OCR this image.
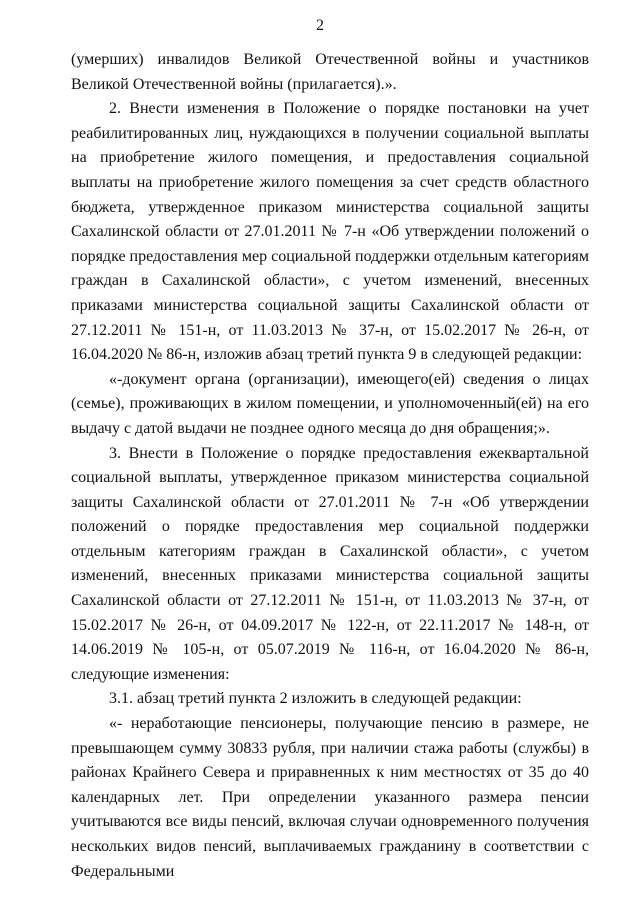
2

(умерших) инвалидов Великой Отечественной войны и участников Великой Отечественной войны (прилагается).».

2. Внести изменения в Положение о порядке постановки на учет реабилитированных лиц, нуждающихся в получении социальной выплаты на приобретение жилого помещения, и предоставления социальной выплаты на приобретение жилого помещения за счет средств областного бюджета, утвержденное приказом министерства социальной защиты Сахалинской области от 27.01.2011 № 7-н «Об утверждении положений о порядке предоставления мер социальной поддержки отдельным категориям граждан в Сахалинской области», с учетом изменений, внесенных приказами министерства социальной защиты Сахалинской области от 27.12.2011 № 151-н, от 11.03.2013 № 37-н, от 15.02.2017 № 26-н, от 16.04.2020 № 86-н, изложив абзац третий пункта 9 в следующей редакции:

«-документ органа (организации), имеющего(ей) сведения о лицах (семье), проживающих в жилом помещении, и уполномоченный(ей) на его выдачу с датой выдачи не позднее одного месяца до дня обращения;».

3. Внести в Положение о порядке предоставления ежеквартальной социальной выплаты, утвержденное приказом министерства социальной защиты Сахалинской области от 27.01.2011 № 7-н «Об утверждении положений о порядке предоставления мер социальной поддержки отдельным категориям граждан в Сахалинской области», с учетом изменений, внесенных приказами министерства социальной защиты Сахалинской области от 27.12.2011 № 151-н, от 11.03.2013 № 37-н, от 15.02.2017 № 26-н, от 04.09.2017 № 122-н, от 22.11.2017 № 148-н, от 14.06.2019 № 105-н, от 05.07.2019 № 116-н, от 16.04.2020 № 86-н, следующие изменения:

3.1. абзац третий пункта 2 изложить в следующей редакции:

«- неработающие пенсионеры, получающие пенсию в размере, не превышающем сумму 30833 рубля, при наличии стажа работы (службы) в районах Крайнего Севера и приравненных к ним местностях от 35 до 40 календарных лет. При определении указанного размера пенсии учитываются все виды пенсий, включая случаи одновременного получения нескольких видов пенсий, выплачиваемых гражданину в соответствии с Федеральными
